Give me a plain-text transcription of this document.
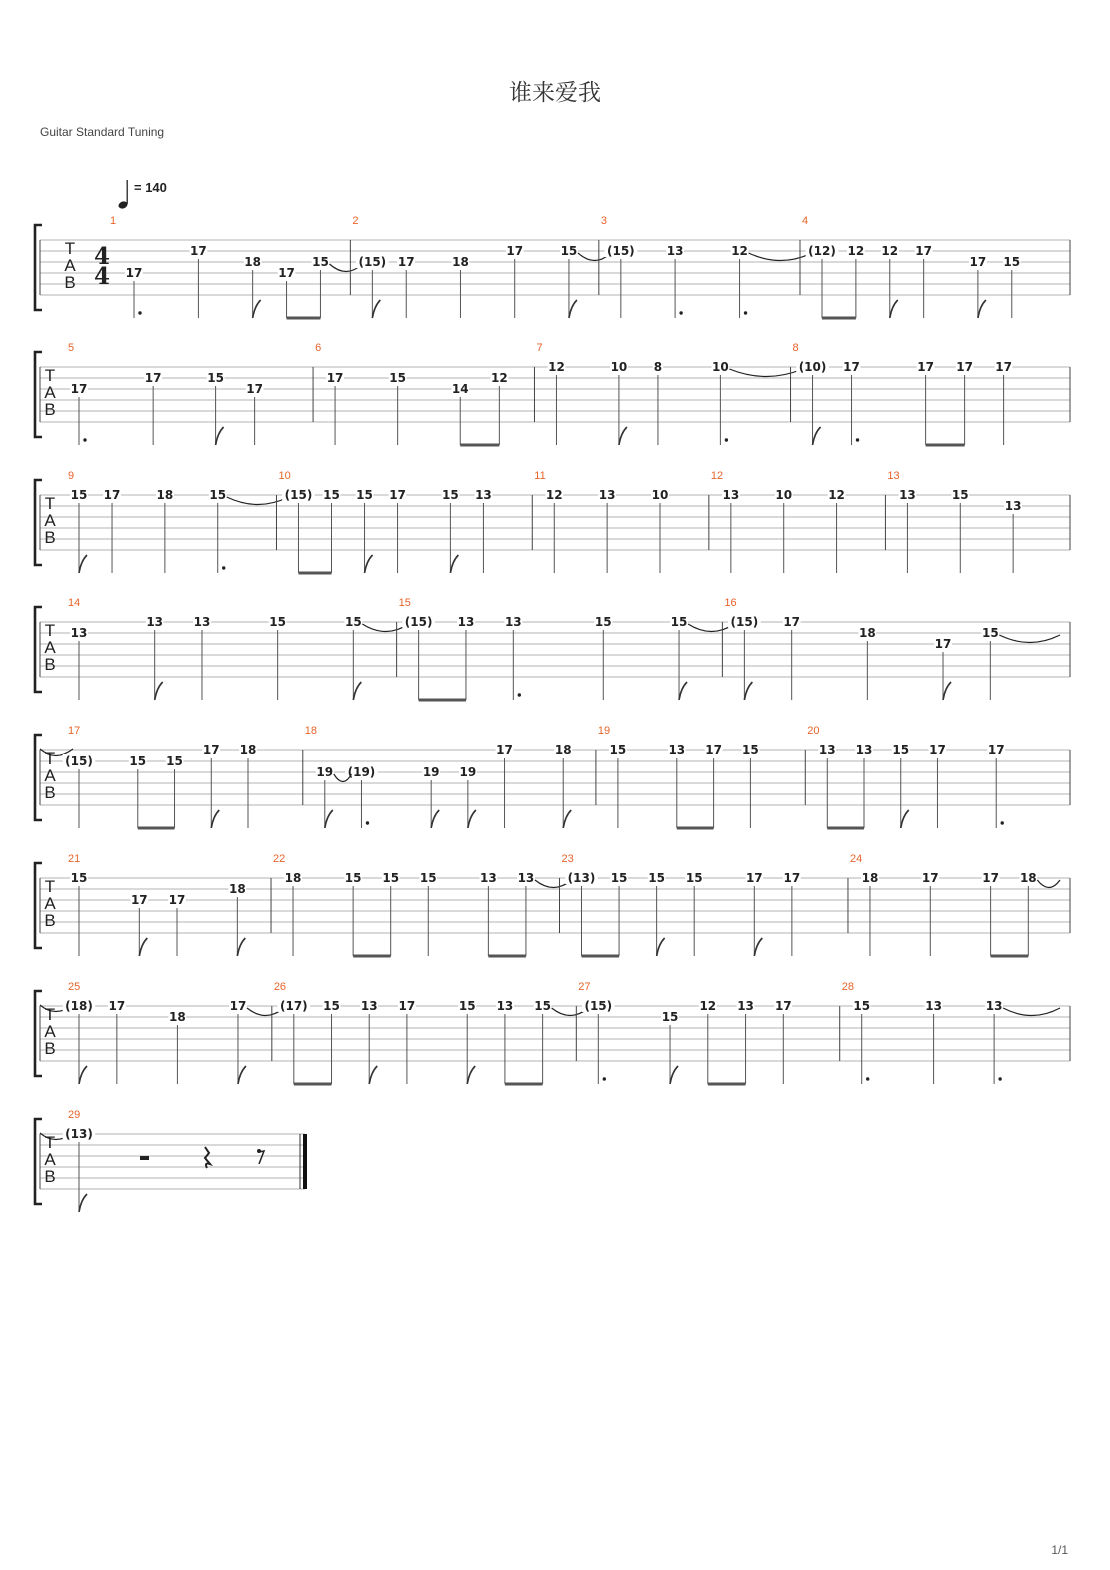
谁来爱我
Guitar Standard Tuning
= 140
T
A
B
4
4
1
17
17
18
17
15
2
(15) 17	18
17	15
3
(15)	13	12
4
(12) 12 12 17
17 15
T
A
B
5
17
17	15
17
6
17	15
14
12
7
12	10 8	10
8
(10) 17	17 17 17
T
A
B
9
15 17	18	15
10
(15) 15 15 17	15 13
11
12	13	10
12
13	10	12
13
13	15
13
T
A
B
14
13
13	13	15	15
15
(15) 13	13	15	15
16
(15) 17
18
17
15
T
A
B
17
(15)	15 15
17 18
18
19 (19)	19 19
17	18
19
15	13 17 15
20
13 13 15 17	17
T
A
B
21
15
17 17
18
22
18	15 15 15	13 13
23
(13) 15 15 15	17 17
24
18	17	17 18
T
A
B
25
(18) 17
18
17
26
(17) 15 13 17	15 13 15
27
(15)
15
12 13 17
28
15	13	13
T
A
B
29
(13)
1/1
